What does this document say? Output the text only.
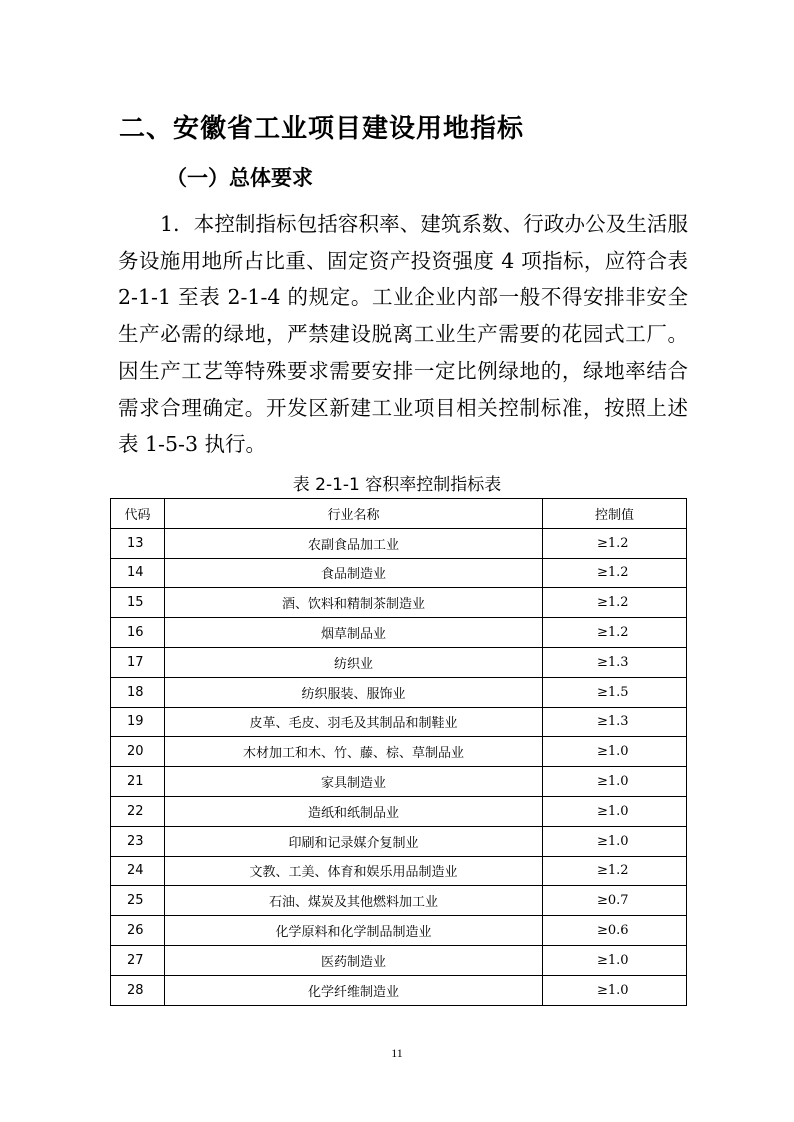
二、安徽省工业项目建设用地指标
（一）总体要求

1．本控制指标包括容积率、建筑系数、行政办公及生活服务设施用地所占比重、固定资产投资强度 4 项指标，应符合表 2-1-1 至表 2-1-4 的规定。工业企业内部一般不得安排非安全生产必需的绿地，严禁建设脱离工业生产需要的花园式工厂。因生产工艺等特殊要求需要安排一定比例绿地的，绿地率结合需求合理确定。开发区新建工业项目相关控制标准，按照上述表 1-5-3 执行。

表 2-1-1 容积率控制指标表
代码	行业名称	控制值
13	农副食品加工业	≥1.2
14	食品制造业	≥1.2
15	酒、饮料和精制茶制造业	≥1.2
16	烟草制品业	≥1.2
17	纺织业	≥1.3
18	纺织服装、服饰业	≥1.5
19	皮革、毛皮、羽毛及其制品和制鞋业	≥1.3
20	木材加工和木、竹、藤、棕、草制品业	≥1.0
21	家具制造业	≥1.0
22	造纸和纸制品业	≥1.0
23	印刷和记录媒介复制业	≥1.0
24	文教、工美、体育和娱乐用品制造业	≥1.2
25	石油、煤炭及其他燃料加工业	≥0.7
26	化学原料和化学制品制造业	≥0.6
27	医药制造业	≥1.0
28	化学纤维制造业	≥1.0
11
